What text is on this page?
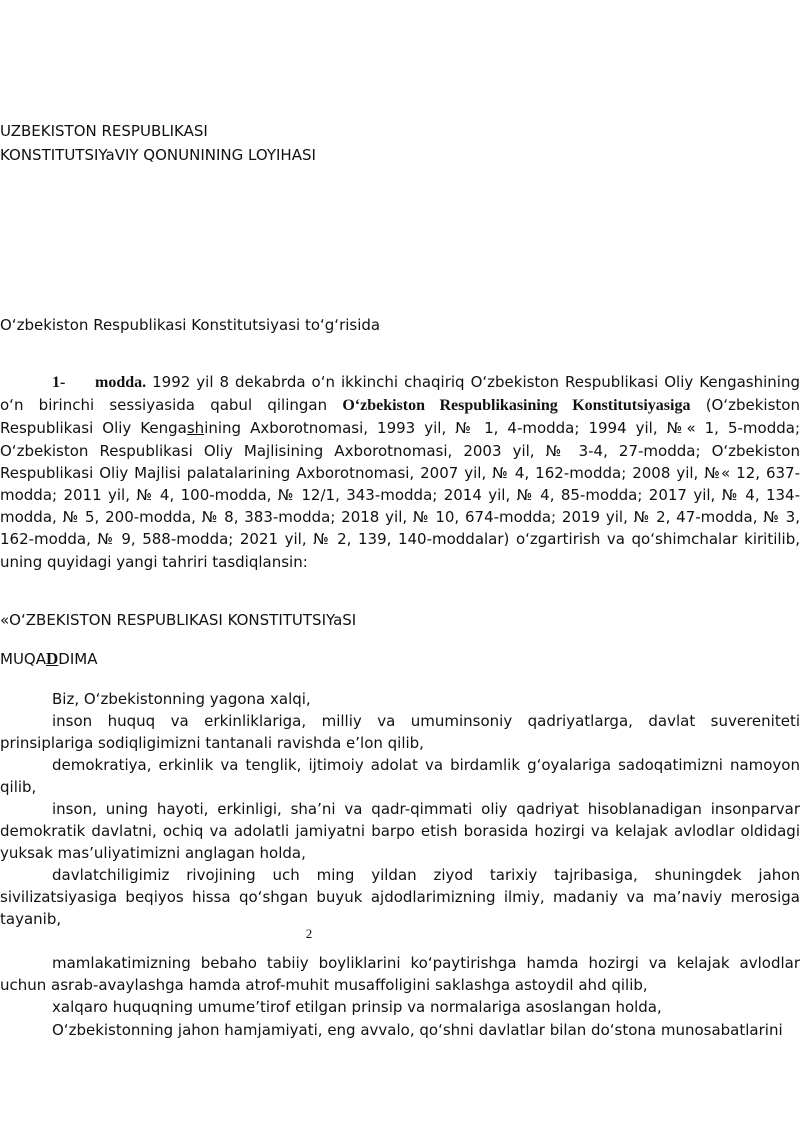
UZBEKISTON RESPUBLIKASI
KONSTITUTSIYaVIY QONUNINING LOYIHASI
O‘zbekiston Respublikasi Konstitutsiyasi to‘g‘risida

1- modda. 1992 yil 8 dekabrda o‘n ikkinchi chaqiriq O‘zbekiston Respublikasi Oliy Kengashining o‘n birinchi sessiyasida qabul qilingan O‘zbekiston Respublikasining Konstitutsiyasiga (O‘zbekiston Respublikasi Oliy Kengashining Axborotnomasi, 1993 yil, № 1, 4-modda; 1994 yil, №« 1, 5-modda; O‘zbekiston Respublikasi Oliy Majlisining Axborotnomasi, 2003 yil, № 3-4, 27-modda; O‘zbekiston Respublikasi Oliy Majlisi palatalarining Axborotnomasi, 2007 yil, № 4, 162-modda; 2008 yil, №« 12, 637-modda; 2011 yil, № 4, 100-modda, № 12/1, 343-modda; 2014 yil, № 4, 85-modda; 2017 yil, № 4, 134-modda, № 5, 200-modda, № 8, 383-modda; 2018 yil, № 10, 674-modda; 2019 yil, № 2, 47-modda, № 3, 162-modda, № 9, 588-modda; 2021 yil, № 2, 139, 140-moddalar) o‘zgartirish va qo‘shimchalar kiritilib, uning quyidagi yangi tahriri tasdiqlansin:

«O‘ZBEKISTON RESPUBLIKASI KONSTITUTSIYaSI
MUQADDIMA

Biz, O‘zbekistonning yagona xalqi,

inson huquq va erkinliklariga, milliy va umuminsoniy qadriyatlarga, davlat suvereniteti prinsiplariga sodiqligimizni tantanali ravishda e’lon qilib,

demokratiya, erkinlik va tenglik, ijtimoiy adolat va birdamlik g‘oyalariga sadoqatimizni namoyon qilib,

inson, uning hayoti, erkinligi, sha’ni va qadr-qimmati oliy qadriyat hisoblanadigan insonparvar demokratik davlatni, ochiq va adolatli jamiyatni barpo etish borasida hozirgi va kelajak avlodlar oldidagi yuksak mas’uliyatimizni anglagan holda,

davlatchiligimiz rivojining uch ming yildan ziyod tarixiy tajribasiga, shuningdek jahon sivilizatsiyasiga beqiyos hissa qo‘shgan buyuk ajdodlarimizning ilmiy, madaniy va ma’naviy merosiga tayanib,

2

mamlakatimizning bebaho tabiiy boyliklarini ko‘paytirishga hamda hozirgi va kelajak avlodlar uchun asrab-avaylashga hamda atrof-muhit musaffoligini saklashga astoydil ahd qilib,

xalqaro huquqning umume’tirof etilgan prinsip va normalariga asoslangan holda,

O‘zbekistonning jahon hamjamiyati, eng avvalo, qo‘shni davlatlar bilan do‘stona munosabatlarini
